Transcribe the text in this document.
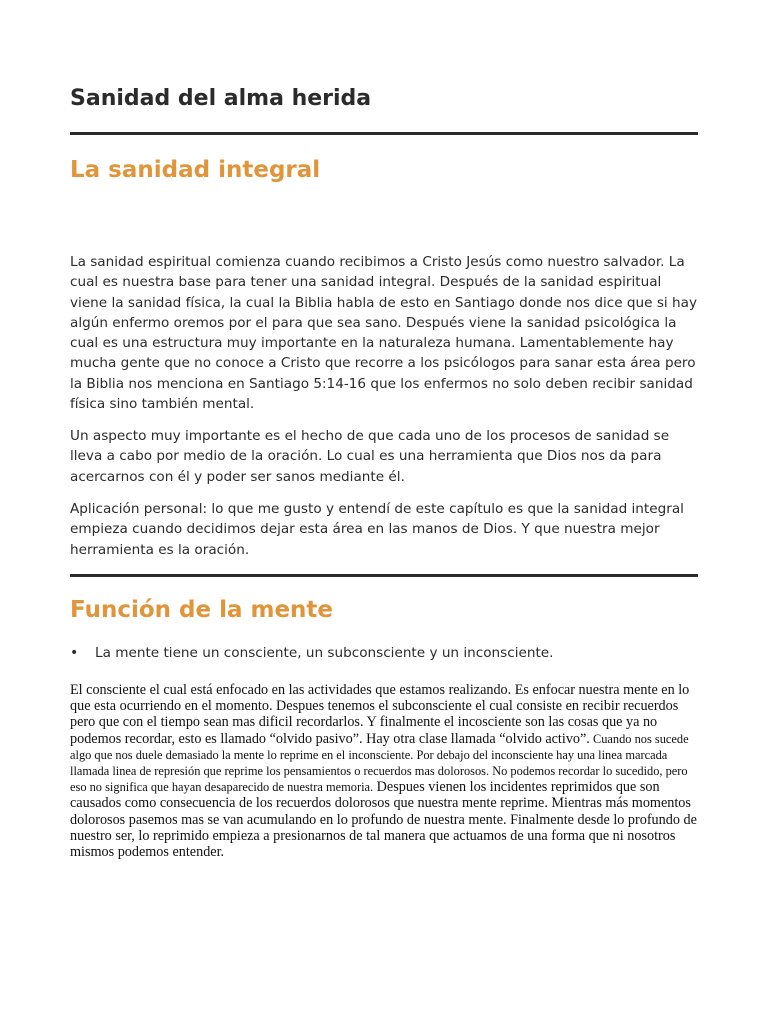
Sanidad del alma herida
La sanidad integral

La sanidad espiritual comienza cuando recibimos a Cristo Jesús como nuestro salvador. La cual es nuestra base para tener una sanidad integral. Después de la sanidad espiritual viene la sanidad física, la cual la Biblia habla de esto en Santiago donde nos dice que si hay algún enfermo oremos por el para que sea sano. Después viene la sanidad psicológica la cual es una estructura muy importante en la naturaleza humana. Lamentablemente hay mucha gente que no conoce a Cristo que recorre a los psicólogos para sanar esta área pero la Biblia nos menciona en Santiago 5:14-16 que los enfermos no solo deben recibir sanidad física sino también mental.

Un aspecto muy importante es el hecho de que cada uno de los procesos de sanidad se lleva a cabo por medio de la oración. Lo cual es una herramienta que Dios nos da para acercarnos con él y poder ser sanos mediante él.

Aplicación personal: lo que me gusto y entendí de este capítulo es que la sanidad integral empieza cuando decidimos dejar esta área en las manos de Dios. Y que nuestra mejor herramienta es la oración.

Función de la mente
• La mente tiene un consciente, un subconsciente y un inconsciente.

El consciente el cual está enfocado en las actividades que estamos realizando. Es enfocar nuestra mente en lo que esta ocurriendo en el momento. Despues tenemos el subconsciente el cual consiste en recibir recuerdos pero que con el tiempo sean mas dificil recordarlos. Y finalmente el incosciente son las cosas que ya no podemos recordar, esto es llamado “olvido pasivo”. Hay otra clase llamada “olvido activo”. Cuando nos sucede algo que nos duele demasiado la mente lo reprime en el inconsciente. Por debajo del inconsciente hay una linea marcada llamada linea de represión que reprime los pensamientos o recuerdos mas dolorosos. No podemos recordar lo sucedido, pero eso no significa que hayan desaparecido de nuestra memoria. Despues vienen los incidentes reprimidos que son causados como consecuencia de los recuerdos dolorosos que nuestra mente reprime. Mientras más momentos dolorosos pasemos mas se van acumulando en lo profundo de nuestra mente. Finalmente desde lo profundo de nuestro ser, lo reprimido empieza a presionarnos de tal manera que actuamos de una forma que ni nosotros mismos podemos entender.
